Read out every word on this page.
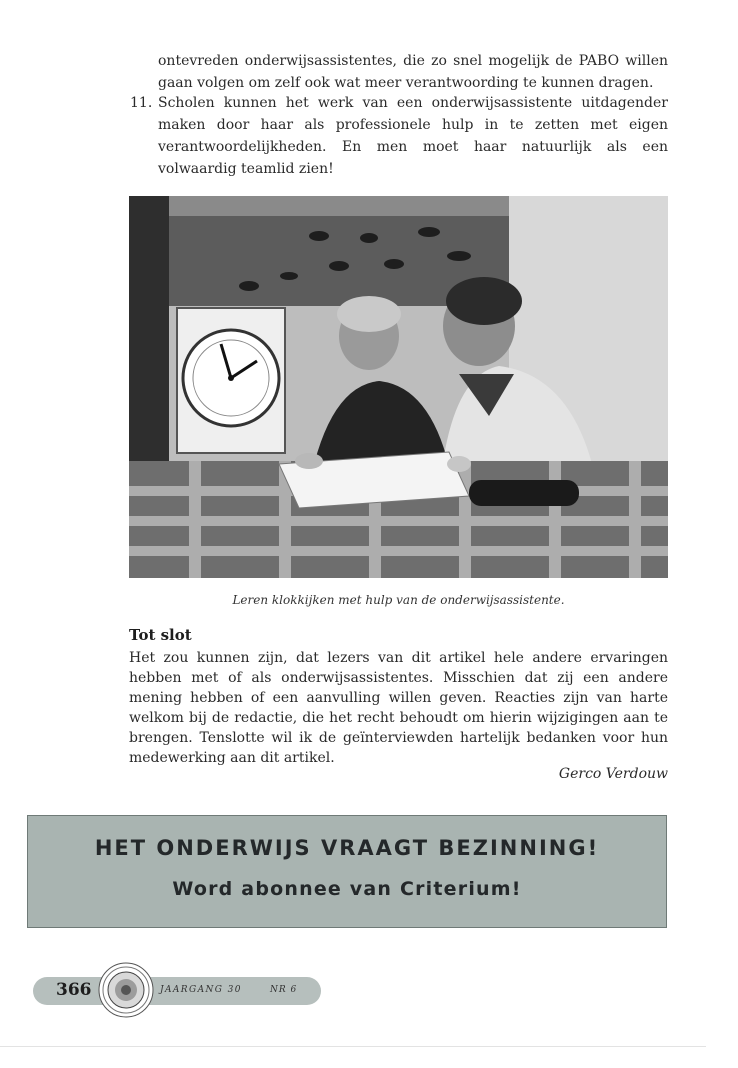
ontevreden onderwijsassistentes, die zo snel mogelijk de PABO willen gaan volgen om zelf ook wat meer verantwoording te kunnen dragen.
11. Scholen kunnen het werk van een onderwijsassistente uitdagender maken door haar als professionele hulp in te zetten met eigen verantwoordelijkheden. En men moet haar natuurlijk als een volwaardig teamlid zien!
Leren klokkijken met hulp van de onderwijsassistente.
Tot slot
Het zou kunnen zijn, dat lezers van dit artikel hele andere ervaringen hebben met of als onderwijsassistentes. Misschien dat zij een andere mening hebben of een aanvulling willen geven. Reacties zijn van harte welkom bij de redactie, die het recht behoudt om hierin wijzigingen aan te brengen. Tenslotte wil ik de geïnterviewden hartelijk bedanken voor hun medewerking aan dit artikel.
Gerco Verdouw
HET ONDERWIJS VRAAGT BEZINNING!
Word abonnee van Criterium!
366	JAARGANG 30	NR 6
